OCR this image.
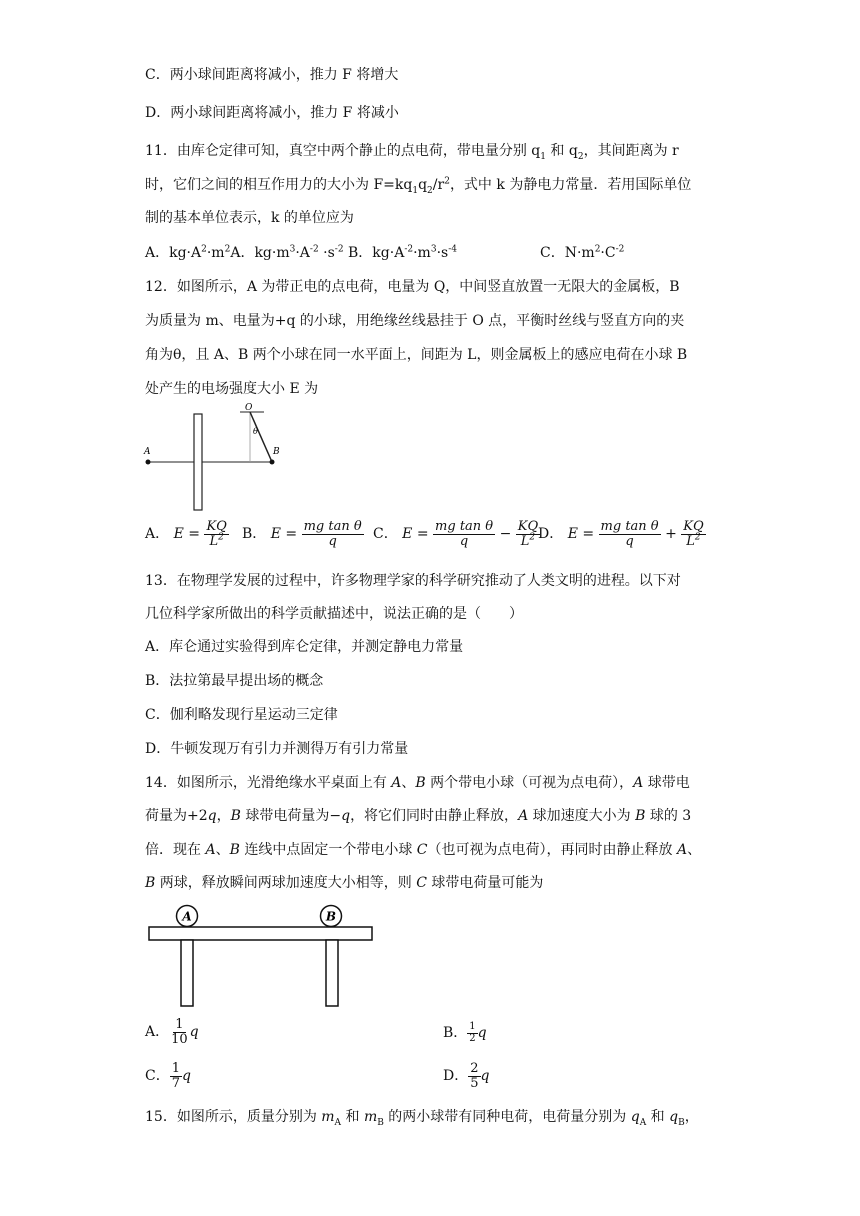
C．两小球间距离将减小，推力 F 将增大
D．两小球间距离将减小，推力 F 将减小
11．由库仑定律可知，真空中两个静止的点电荷，带电量分别 $q_1$ 和 $q_2$，其间距离为 r
时，它们之间的相互作用力的大小为 $F=kq_1q_2/r^2$，式中 k 为静电力常量．若用国际单位
制的基本单位表示，k 的单位应为
A．$kg\cdot A^2\cdot m^2A$．$kg\cdot m^3\cdot A^{-2} \cdot s^{-2}$ B．$kg\cdot A^{-2}\cdot m^3\cdot s^{-4}$	C．$N\cdot m^2\cdot C^{-2}$
12．如图所示，A 为带正电的点电荷，电量为 Q，中间竖直放置一无限大的金属板，B
为质量为 m、电量为+q 的小球，用绝缘丝线悬挂于 O 点，平衡时丝线与竖直方向的夹
角为θ，且 A、B 两个小球在同一水平面上，间距为 L，则金属板上的感应电荷在小球 B
处产生的电场强度大小 E 为
A
O
θ
B
A． $E = \frac{KQ}{L^2}$ B． $E = \frac{\text{mg tan θ}}{q}$ C． $E = \frac{\text{mg tan θ}}{q} - \frac{KQ}{L^2}$
D． $E = \frac{\text{mg tan θ}}{q} + \frac{KQ}{L^2}$
13．在物理学发展的过程中，许多物理学家的科学研究推动了人类文明的进程。以下对
几位科学家所做出的科学贡献描述中，说法正确的是（　　）
A．库仑通过实验得到库仑定律，并测定静电力常量
B．法拉第最早提出场的概念
C．伽利略发现行星运动三定律
D．牛顿发现万有引力并测得万有引力常量
14．如图所示，光滑绝缘水平桌面上有 A、B 两个带电小球（可视为点电荷），A 球带电
荷量为+2q，B 球带电荷量为−q，将它们同时由静止释放，A 球加速度大小为 B 球的 3
倍．现在 A、B 连线中点固定一个带电小球 C（也可视为点电荷），再同时由静止释放 A、
B 两球，释放瞬间两球加速度大小相等，则 C 球带电荷量可能为
A	B
A． $\frac{1}{10}$ q	B． $\frac{1}{2}$ q
C． $\frac{1}{7}$ q	D． $\frac{2}{5}$ q
15．如图所示，质量分别为 $m_A$ 和 $m_B$ 的两小球带有同种电荷，电荷量分别为 $q_A$ 和 $q_B$，
